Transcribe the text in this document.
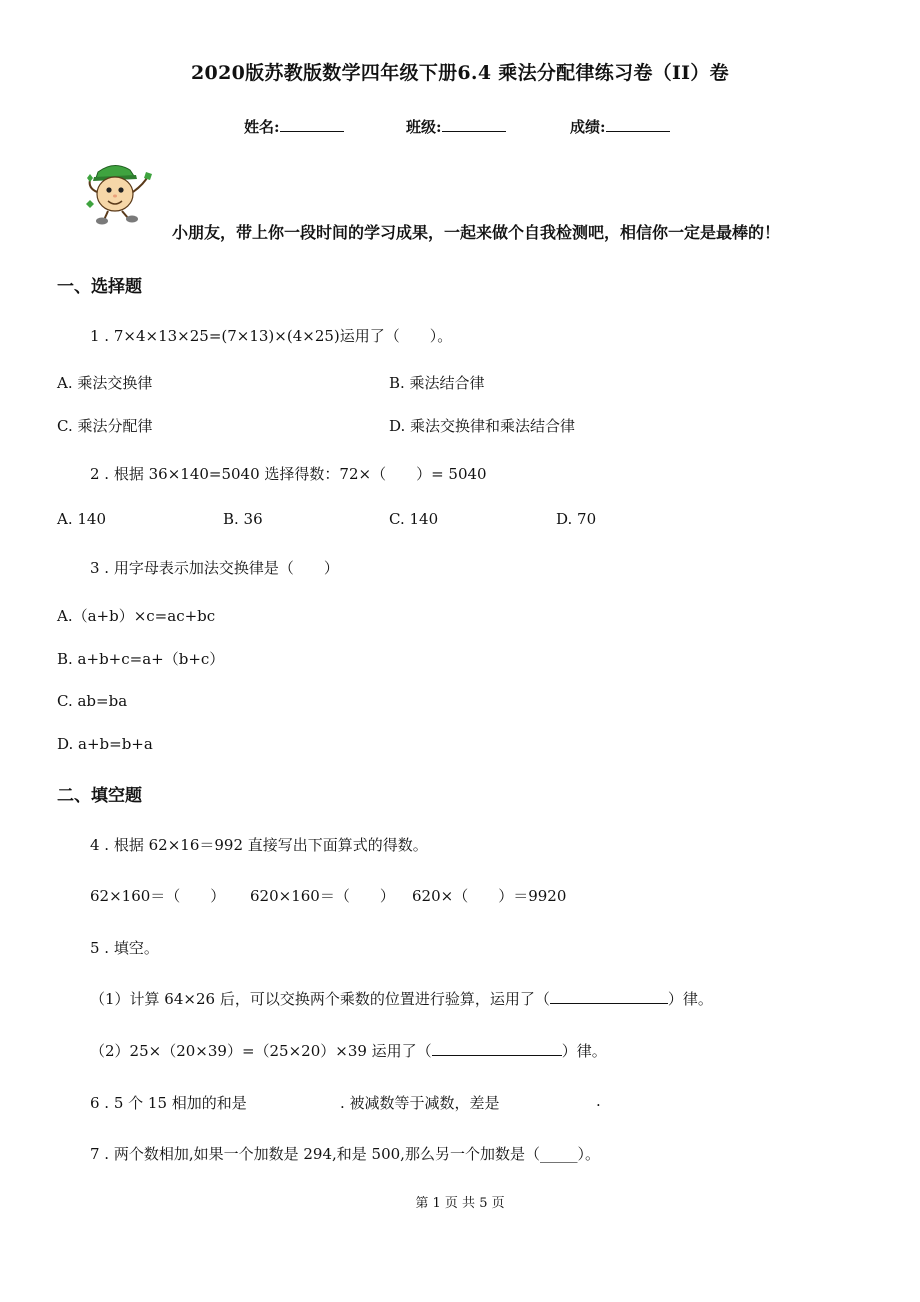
2020版苏教版数学四年级下册6.4 乘法分配律练习卷（II）卷
姓名:	班级:	成绩:
小朋友，带上你一段时间的学习成果，一起来做个自我检测吧，相信你一定是最棒的！
一、选择题
1 . 7×4×13×25=(7×13)×(4×25)运用了（　　）。
A. 乘法交换律	B. 乘法结合律
C. 乘法分配律	D. 乘法交换律和乘法结合律
2 . 根据 36×140=5040 选择得数：72×（　　）= 5040
A. 140	B. 36	C. 140	D. 70
3 . 用字母表示加法交换律是（　　）
A.（a+b）×c=ac+bc
B. a+b+c=a+（b+c）
C. ab=ba
D. a+b=b+a
二、填空题
4 . 根据 62×16＝992 直接写出下面算式的得数。
62×160＝（　　） 620×160＝（　　） 620×（　　）＝9920
5 . 填空。
（1）计算 64×26 后，可以交换两个乘数的位置进行验算，运用了（	）律。
（2）25×（20×39）=（25×20）×39 运用了（	）律。
6 . 5 个 15 相加的和是	. 被减数等于减数，差是	.
7 . 两个数相加,如果一个加数是 294,和是 500,那么另一个加数是（_____）。
第 1 页 共 5 页
